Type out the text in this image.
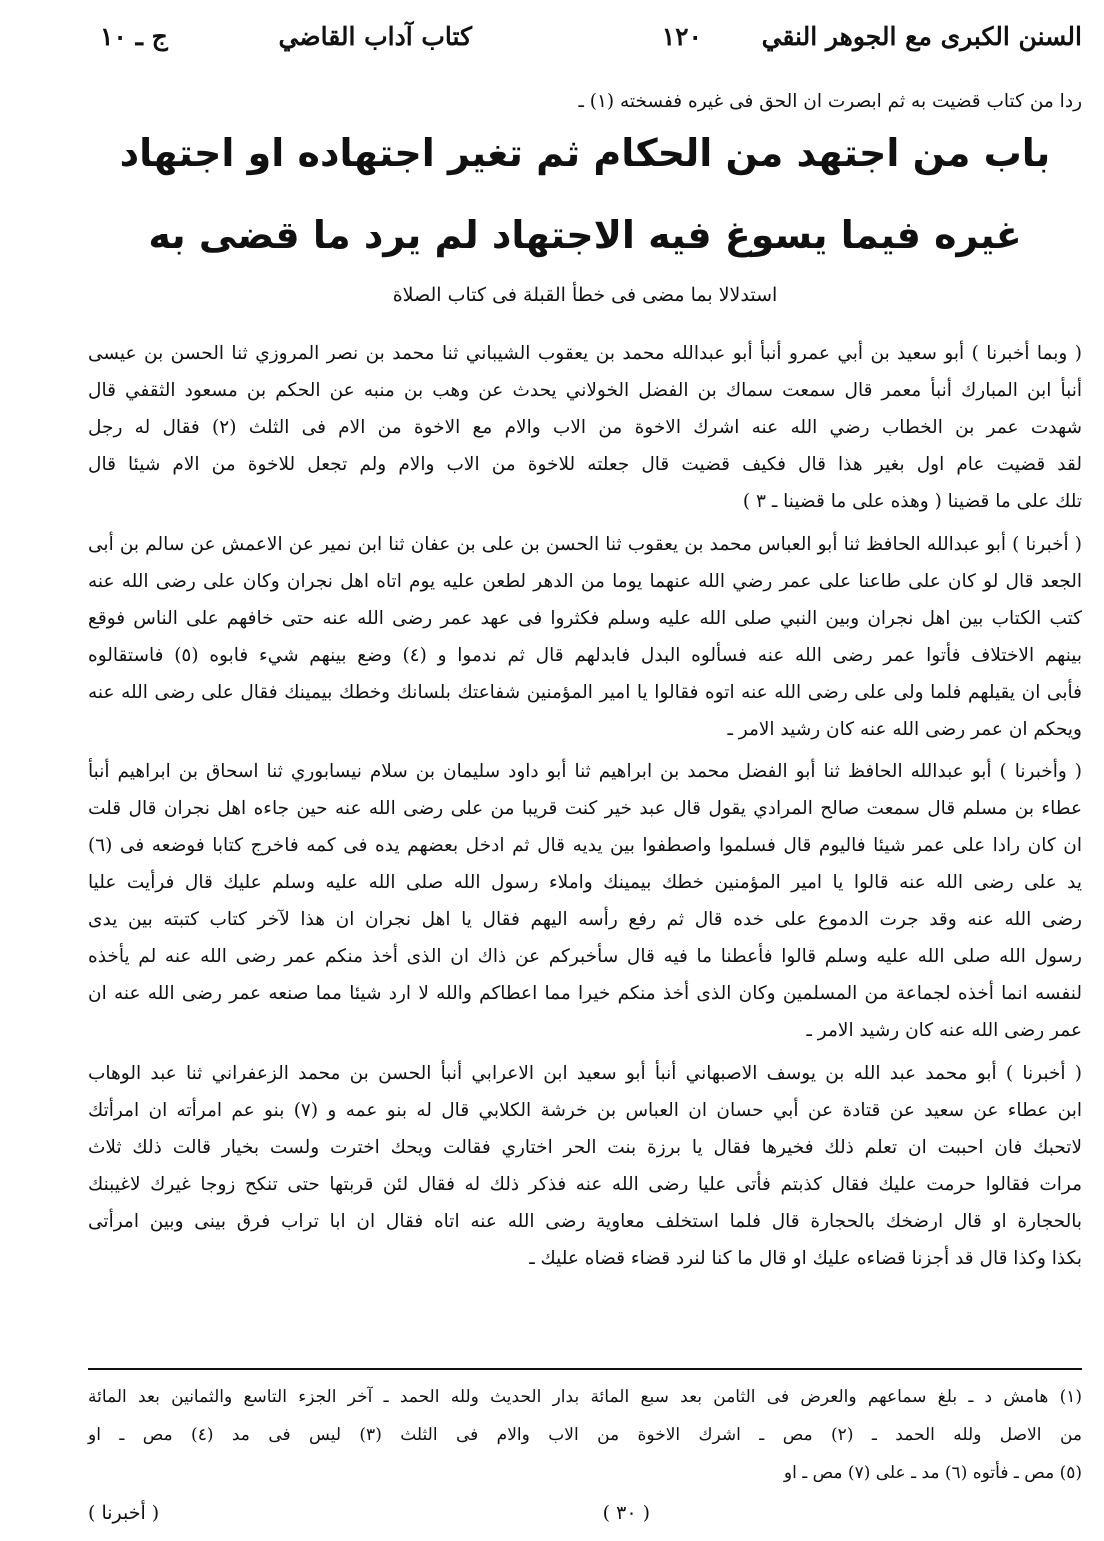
السنن الكبرى مع الجوهر النقي
١٢٠
كتاب آداب القاضي
ج ـ ١٠
ردا من كتاب قضيت به ثم ابصرت ان الحق فى غيره ففسخته (١) ـ
باب من اجتهد من الحكام ثم تغير اجتهاده او اجتهاد
غيره فيما يسوغ فيه الاجتهاد لم يرد ما قضى به
استدلالا بما مضى فى خطأ القبلة فى كتاب الصلاة
( وبما أخبرنا ) أبو سعيد بن أبي عمرو أنبأ أبو عبدالله محمد بن يعقوب الشيباني ثنا محمد بن نصر المروزي ثنا الحسن بن عيسى
أنبأ ابن المبارك أنبأ معمر قال سمعت سماك بن الفضل الخولاني يحدث عن وهب بن منبه عن الحكم بن مسعود الثقفي قال
شهدت عمر بن الخطاب رضي الله عنه اشرك الاخوة من الاب والام مع الاخوة من الام فى الثلث (٢) فقال له رجل
لقد قضيت عام اول بغير هذا قال فكيف قضيت قال جعلته للاخوة من الاب والام ولم تجعل للاخوة من الام شيئا قال
تلك على ما قضينا ( وهذه على ما قضينا ـ ٣ )
( أخبرنا ) أبو عبدالله الحافظ ثنا أبو العباس محمد بن يعقوب ثنا الحسن بن على بن عفان ثنا ابن نمير عن الاعمش عن سالم بن أبى
الجعد قال لو كان على طاعنا على عمر رضي الله عنهما يوما من الدهر لطعن عليه يوم اتاه اهل نجران وكان على رضى الله عنه
كتب الكتاب بين اهل نجران وبين النبي صلى الله عليه وسلم فكثروا فى عهد عمر رضى الله عنه حتى خافهم على الناس فوقع
بينهم الاختلاف فأتوا عمر رضى الله عنه فسألوه البدل فابدلهم قال ثم ندموا و (٤) وضع بينهم شيء فابوه (٥) فاستقالوه
فأبى ان يقيلهم فلما ولى على رضى الله عنه اتوه فقالوا يا امير المؤمنين شفاعتك بلسانك وخطك بيمينك فقال على رضى الله عنه
ويحكم ان عمر رضى الله عنه كان رشيد الامر ـ
( وأخبرنا ) أبو عبدالله الحافظ ثنا أبو الفضل محمد بن ابراهيم ثنا أبو داود سليمان بن سلام نيسابوري ثنا اسحاق بن ابراهيم أنبأ
عطاء بن مسلم قال سمعت صالح المرادي يقول قال عبد خير كنت قريبا من على رضى الله عنه حين جاءه اهل نجران قال قلت
ان كان رادا على عمر شيئا فاليوم قال فسلموا واصطفوا بين يديه قال ثم ادخل بعضهم يده فى كمه فاخرج كتابا فوضعه فى (٦)
يد على رضى الله عنه قالوا يا امير المؤمنين خطك بيمينك واملاء رسول الله صلى الله عليه وسلم عليك قال فرأيت عليا
رضى الله عنه وقد جرت الدموع على خده قال ثم رفع رأسه اليهم فقال يا اهل نجران ان هذا لآخر كتاب كتبته بين يدى
رسول الله صلى الله عليه وسلم قالوا فأعطنا ما فيه قال سأخبركم عن ذاك ان الذى أخذ منكم عمر رضى الله عنه لم يأخذه
لنفسه انما أخذه لجماعة من المسلمين وكان الذى أخذ منكم خيرا مما اعطاكم والله لا ارد شيئا مما صنعه عمر رضى الله عنه ان
عمر رضى الله عنه كان رشيد الامر ـ
( أخبرنا ) أبو محمد عبد الله بن يوسف الاصبهاني أنبأ أبو سعيد ابن الاعرابي أنبأ الحسن بن محمد الزعفراني ثنا عبد الوهاب
ابن عطاء عن سعيد عن قتادة عن أبي حسان ان العباس بن خرشة الكلابي قال له بنو عمه و (٧) بنو عم امرأته ان امرأتك
لاتحبك فان احببت ان تعلم ذلك فخيرها فقال يا برزة بنت الحر اختاري فقالت ويحك اخترت ولست بخيار قالت ذلك ثلاث
مرات فقالوا حرمت عليك فقال كذبتم فأتى عليا رضى الله عنه فذكر ذلك له فقال لئن قربتها حتى تنكح زوجا غيرك لاغيبنك
بالحجارة او قال ارضخك بالحجارة قال فلما استخلف معاوية رضى الله عنه اتاه فقال ان ابا تراب فرق بينى وبين امرأتى
بكذا وكذا قال قد أجزنا قضاءه عليك او قال ما كنا لنرد قضاء قضاه عليك ـ
(١) هامش د ـ بلغ سماعهم والعرض فى الثامن بعد سبع المائة بدار الحديث ولله الحمد ـ آخر الجزء التاسع والثمانين بعد المائة
من الاصل ولله الحمد ـ (٢) مص ـ اشرك الاخوة من الاب والام فى الثلث (٣) ليس فى مد (٤) مص ـ او
(٥) مص ـ فأتوه (٦) مد ـ على (٧) مص ـ او
( ٣٠ )
( أخبرنا )
